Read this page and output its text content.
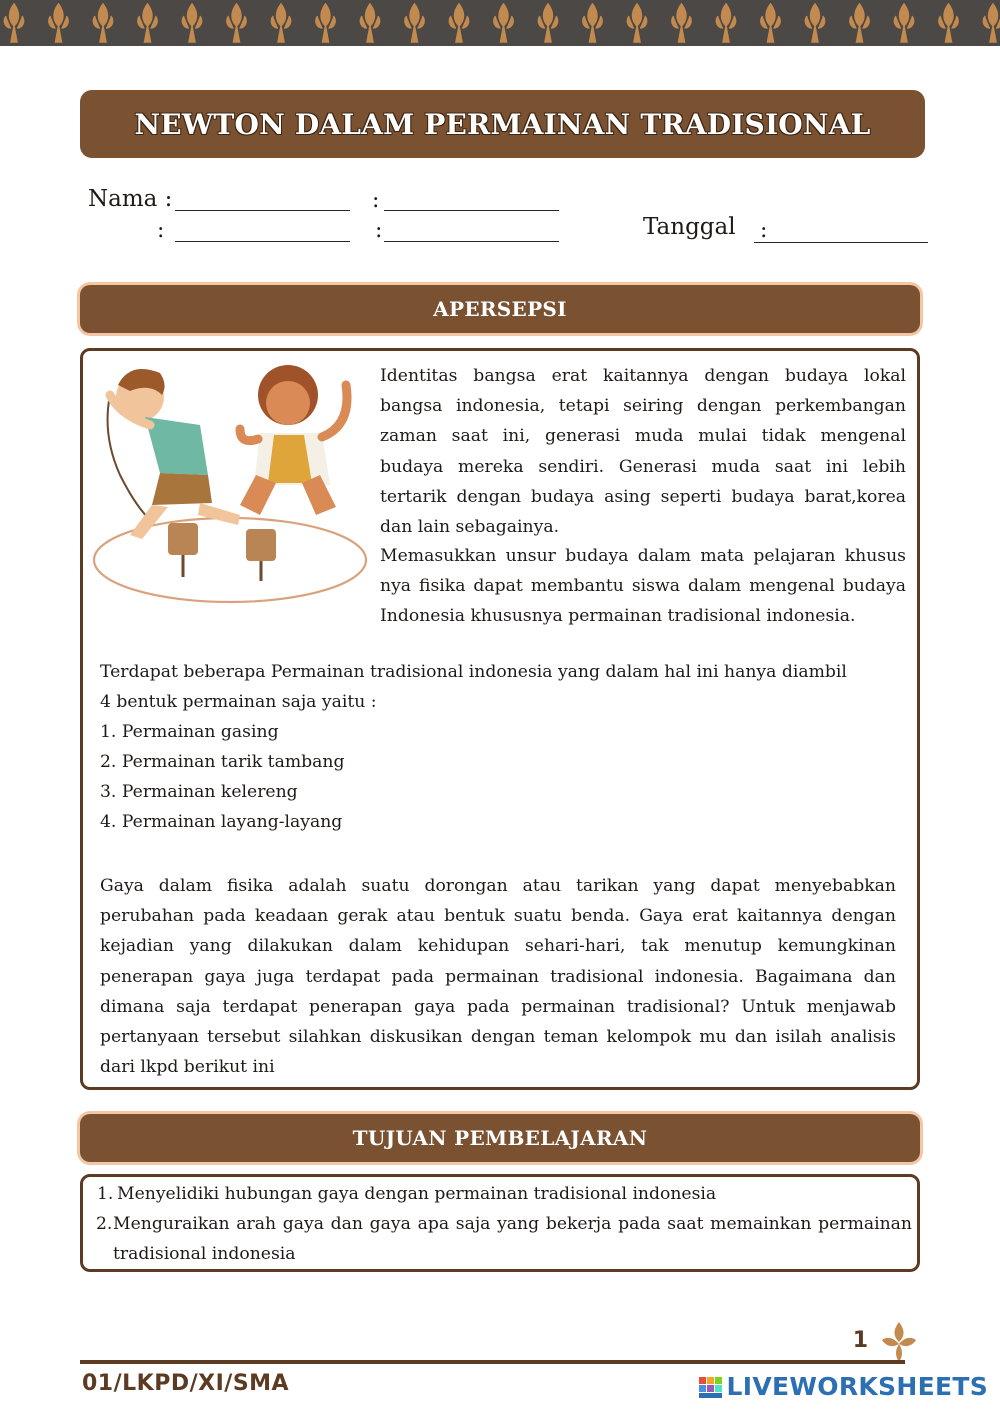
NEWTON DALAM PERMAINAN TRADISIONAL
Nama :	:
:	:	Tanggal :
APERSEPSI

Identitas bangsa erat kaitannya dengan budaya lokal bangsa indonesia, tetapi seiring dengan perkembangan zaman saat ini, generasi muda mulai tidak mengenal budaya mereka sendiri. Generasi muda saat ini lebih tertarik dengan budaya asing seperti budaya barat,korea dan lain sebagainya.

Memasukkan unsur budaya dalam mata pelajaran khusus nya fisika dapat membantu siswa dalam mengenal budaya Indonesia khususnya permainan tradisional indonesia.

Terdapat beberapa Permainan tradisional indonesia yang dalam hal ini hanya diambil
4 bentuk permainan saja yaitu :
1. Permainan gasing
2. Permainan tarik tambang
3. Permainan kelereng
4. Permainan layang-layang

Gaya dalam fisika adalah suatu dorongan atau tarikan yang dapat menyebabkan perubahan pada keadaan gerak atau bentuk suatu benda. Gaya erat kaitannya dengan kejadian yang dilakukan dalam kehidupan sehari-hari, tak menutup kemungkinan penerapan gaya juga terdapat pada permainan tradisional indonesia. Bagaimana dan dimana saja terdapat penerapan gaya pada permainan tradisional? Untuk menjawab pertanyaan tersebut silahkan diskusikan dengan teman kelompok mu dan isilah analisis dari lkpd berikut ini

TUJUAN PEMBELAJARAN
1. Menyelidiki hubungan gaya dengan permainan tradisional indonesia

2. Menguraikan arah gaya dan gaya apa saja yang bekerja pada saat memainkan permainan tradisional indonesia

1
01/LKPD/XI/SMA	LIVEWORKSHEETS
